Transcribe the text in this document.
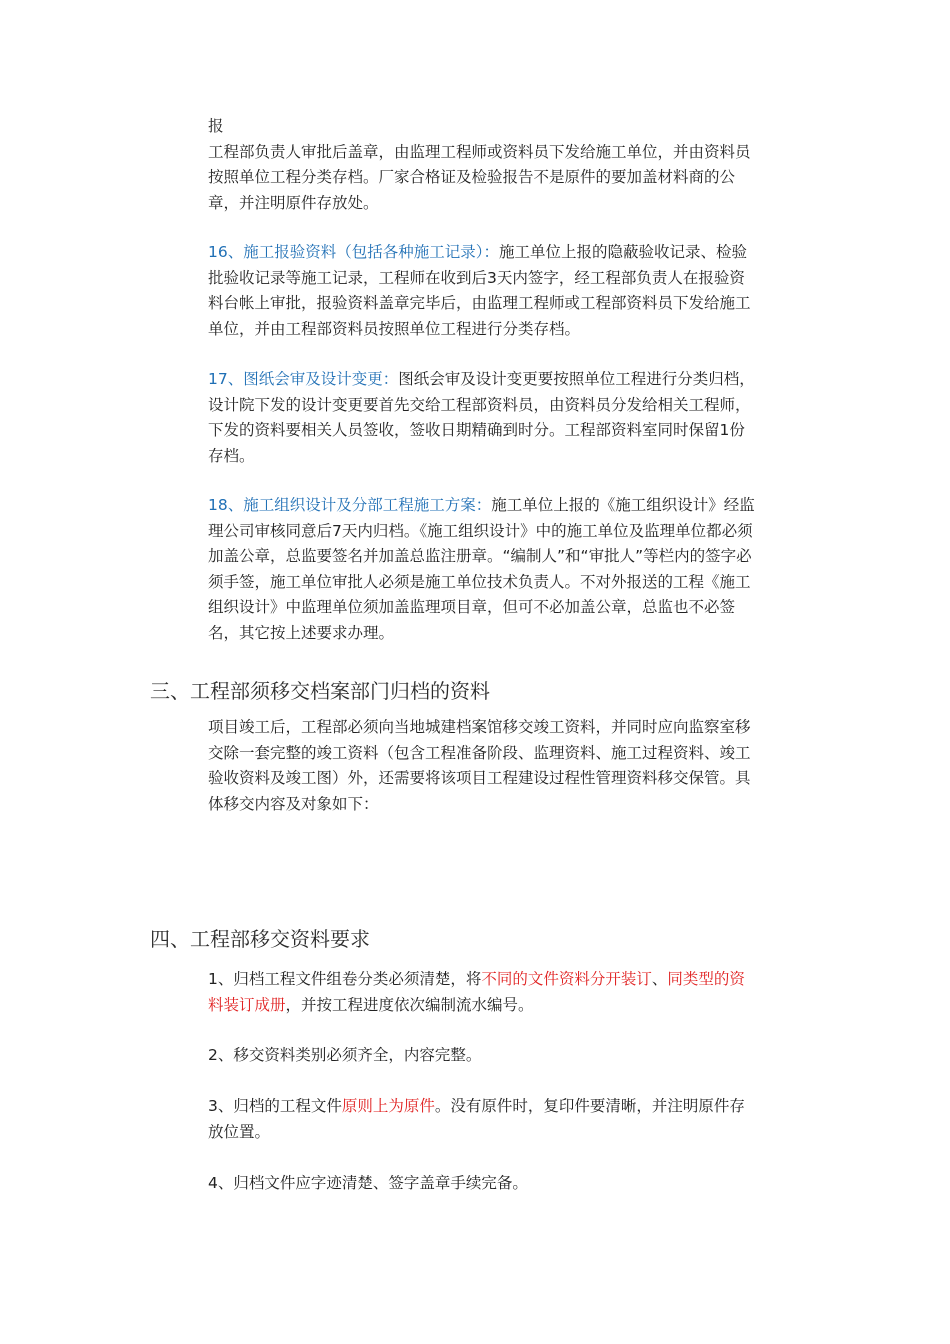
报

工程部负责人审批后盖章，由监理工程师或资料员下发给施工单位，并由资料员按照单位工程分类存档。厂家合格证及检验报告不是原件的要加盖材料商的公章，并注明原件存放处。

16、施工报验资料（包括各种施工记录）：施工单位上报的隐蔽验收记录、检验批验收记录等施工记录，工程师在收到后3天内签字，经工程部负责人在报验资料台帐上审批，报验资料盖章完毕后，由监理工程师或工程部资料员下发给施工单位，并由工程部资料员按照单位工程进行分类存档。

17、图纸会审及设计变更：图纸会审及设计变更要按照单位工程进行分类归档，设计院下发的设计变更要首先交给工程部资料员，由资料员分发给相关工程师，下发的资料要相关人员签收，签收日期精确到时分。工程部资料室同时保留1份存档。

18、施工组织设计及分部工程施工方案：施工单位上报的《施工组织设计》经监理公司审核同意后7天内归档。《施工组织设计》中的施工单位及监理单位都必须加盖公章，总监要签名并加盖总监注册章。“编制人”和“审批人”等栏内的签字必须手签，施工单位审批人必须是施工单位技术负责人。不对外报送的工程《施工组织设计》中监理单位须加盖监理项目章，但可不必加盖公章，总监也不必签名，其它按上述要求办理。

三、工程部须移交档案部门归档的资料

项目竣工后，工程部必须向当地城建档案馆移交竣工资料，并同时应向监察室移交除一套完整的竣工资料（包含工程准备阶段、监理资料、施工过程资料、竣工验收资料及竣工图）外，还需要将该项目工程建设过程性管理资料移交保管。具体移交内容及对象如下：

四、工程部移交资料要求

1、归档工程文件组卷分类必须清楚，将不同的文件资料分开装订、同类型的资料装订成册，并按工程进度依次编制流水编号。

2、移交资料类别必须齐全，内容完整。

3、归档的工程文件原则上为原件。没有原件时，复印件要清晰，并注明原件存放位置。

4、归档文件应字迹清楚、签字盖章手续完备。
